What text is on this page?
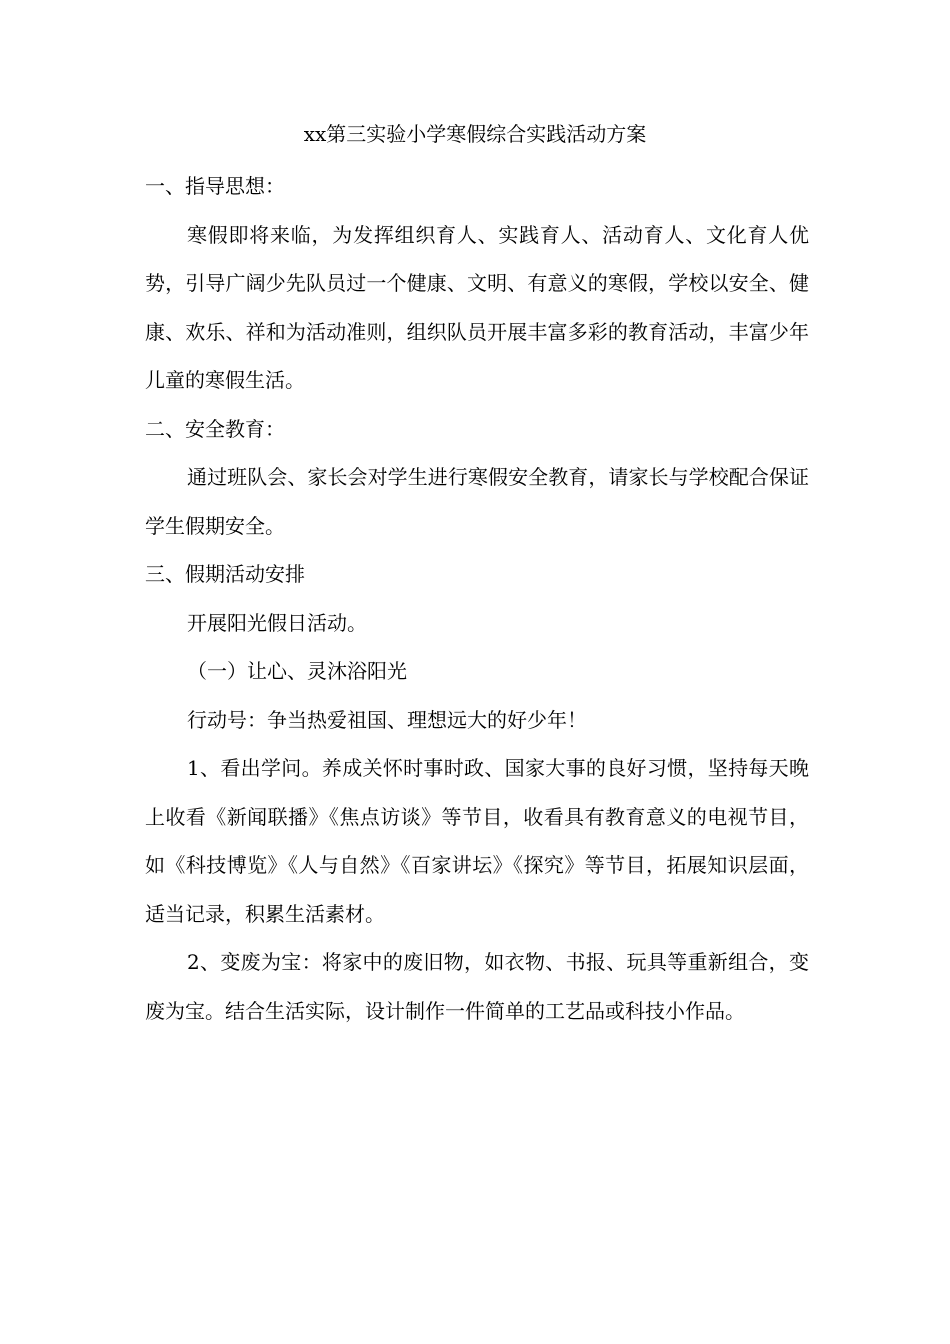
xx第三实验小学寒假综合实践活动方案

一、指导思想：

寒假即将来临，为发挥组织育人、实践育人、活动育人、文化育人优势，引导广阔少先队员过一个健康、文明、有意义的寒假，学校以安全、健康、欢乐、祥和为活动准则，组织队员开展丰富多彩的教育活动，丰富少年儿童的寒假生活。

二、安全教育：

通过班队会、家长会对学生进行寒假安全教育，请家长与学校配合保证学生假期安全。

三、假期活动安排

开展阳光假日活动。

（一）让心、灵沐浴阳光

行动号：争当热爱祖国、理想远大的好少年！

1、看出学问。养成关怀时事时政、国家大事的良好习惯，坚持每天晚上收看《新闻联播》《焦点访谈》等节目，收看具有教育意义的电视节目，如《科技博览》《人与自然》《百家讲坛》《探究》等节目，拓展知识层面，适当记录，积累生活素材。

2、变废为宝：将家中的废旧物，如衣物、书报、玩具等重新组合，变废为宝。结合生活实际，设计制作一件简单的工艺品或科技小作品。
